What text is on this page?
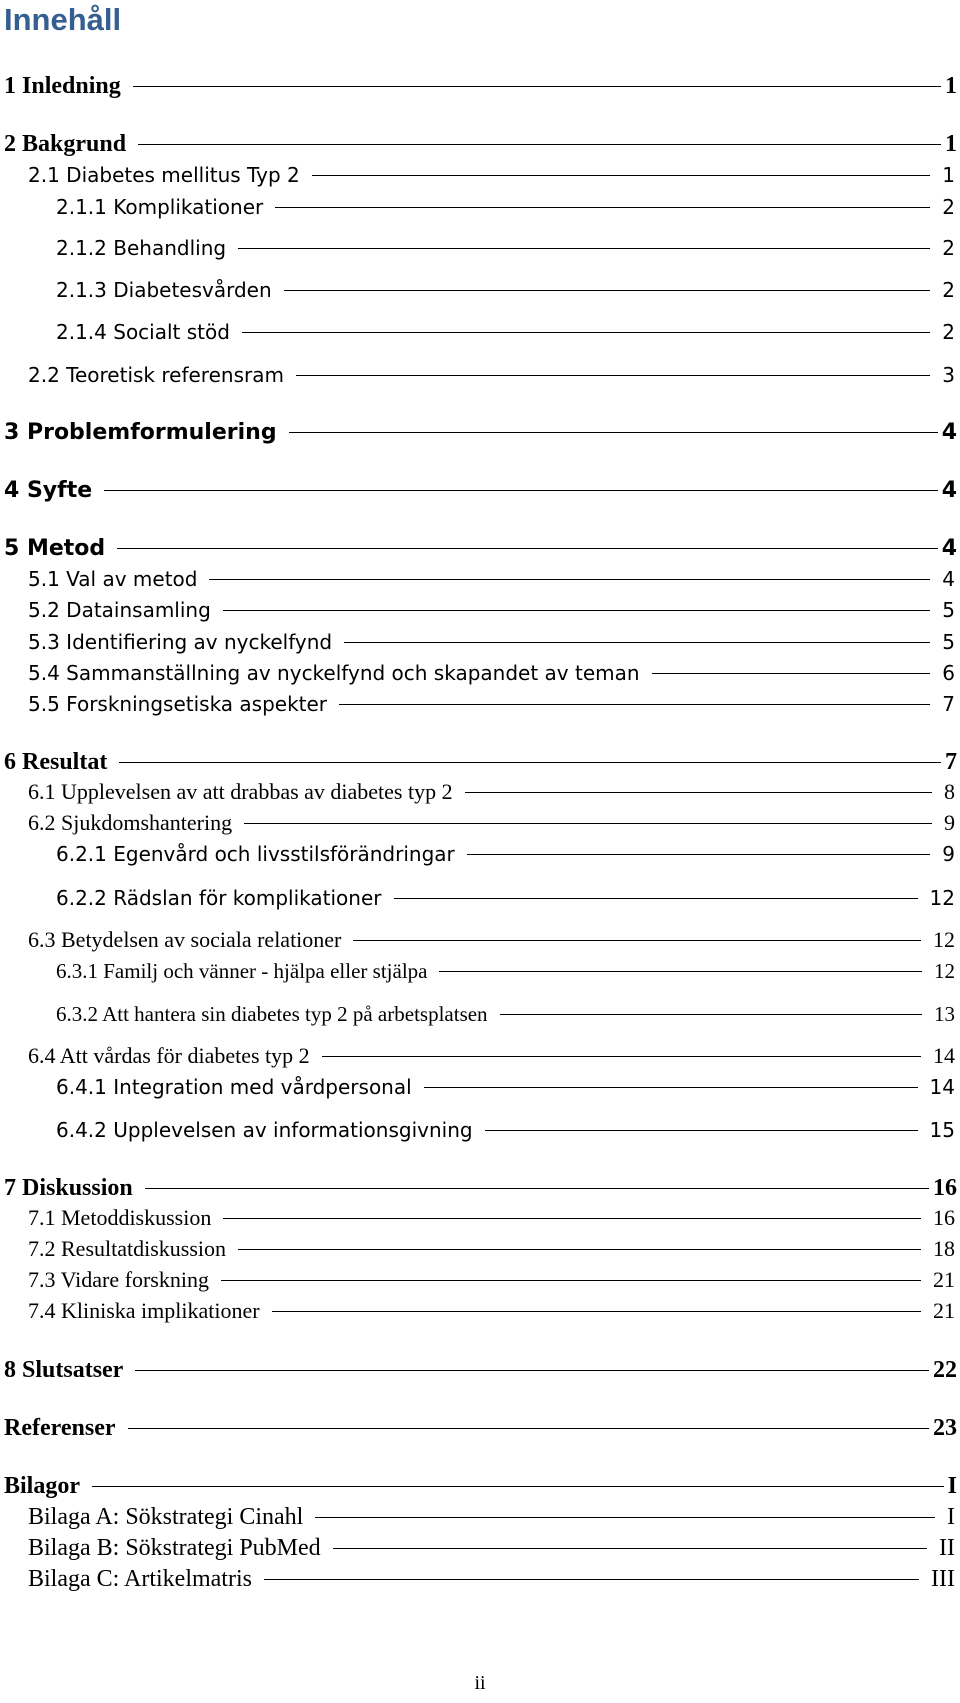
Innehåll
1 Inledning	1
2 Bakgrund	1
2.1 Diabetes mellitus Typ 2	1
2.1.1 Komplikationer	2
2.1.2 Behandling	2
2.1.3 Diabetesvården	2
2.1.4 Socialt stöd	2
2.2 Teoretisk referensram	3
3 Problemformulering	4
4 Syfte	4
5 Metod	4
5.1 Val av metod	4
5.2 Datainsamling	5
5.3 Identifiering av nyckelfynd	5
5.4 Sammanställning av nyckelfynd och skapandet av teman	6
5.5 Forskningsetiska aspekter	7
6 Resultat	7
6.1 Upplevelsen av att drabbas av diabetes typ 2	8
6.2 Sjukdomshantering	9
6.2.1 Egenvård och livsstilsförändringar	9
6.2.2 Rädslan för komplikationer	12
6.3 Betydelsen av sociala relationer	12
6.3.1 Familj och vänner - hjälpa eller stjälpa	12
6.3.2 Att hantera sin diabetes typ 2 på arbetsplatsen	13
6.4 Att vårdas för diabetes typ 2	14
6.4.1 Integration med vårdpersonal	14
6.4.2 Upplevelsen av informationsgivning	15
7 Diskussion	16
7.1 Metoddiskussion	16
7.2 Resultatdiskussion	18
7.3 Vidare forskning	21
7.4 Kliniska implikationer	21
8 Slutsatser	22
Referenser	23
Bilagor	I
Bilaga A: Sökstrategi Cinahl	I
Bilaga B: Sökstrategi PubMed	II
Bilaga C: Artikelmatris	III
ii
